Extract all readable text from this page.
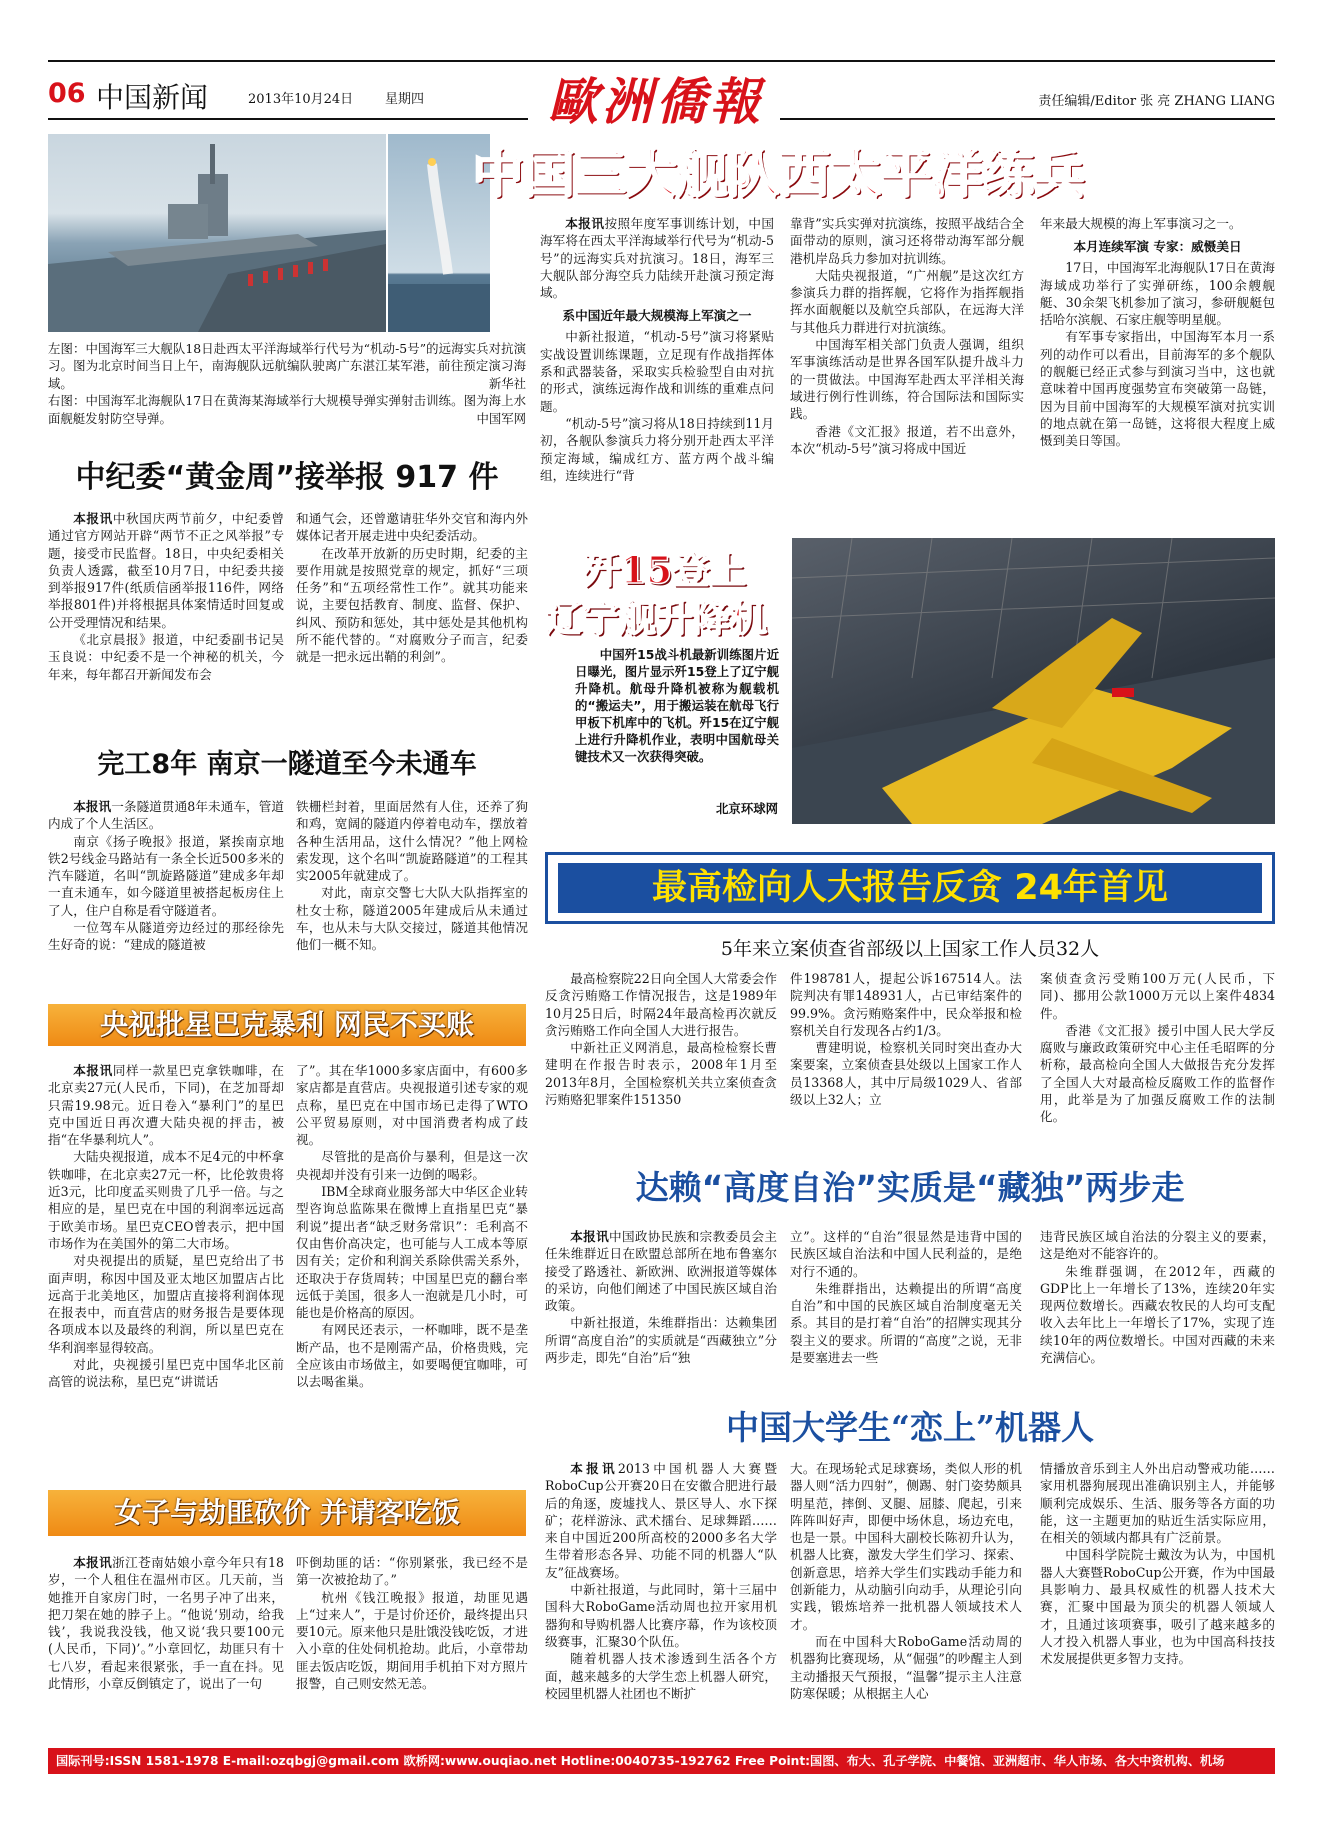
06 中国新闻	2013年10月24日 星期四 歐洲僑報	责任编辑/Editor 张 亮 ZHANG LIANG
中国三大舰队西太平洋练兵
左图：中国海军三大舰队18日赴西太平洋海域举行代号为“机动-5号”的远海实兵对抗演习。图为北京时间当日上午，南海舰队远航编队驶离广东湛江某军港，前往预定演习海域。	新华社
右图：中国海军北海舰队17日在黄海某海域举行大规模导弹实弹射击训练。图为海上水面舰艇发射防空导弹。	中国军网

本报讯按照年度军事训练计划，中国海军将在西太平洋海域举行代号为“机动-5号”的远海实兵对抗演习。18日，海军三大舰队部分海空兵力陆续开赴演习预定海域。

系中国近年最大规模海上军演之一

中新社报道，“机动-5号”演习将紧贴实战设置训练课题，立足现有作战指挥体系和武器装备，采取实兵检验型自由对抗的形式，演练远海作战和训练的重难点问题。

“机动-5号”演习将从18日持续到11月初，各舰队参演兵力将分别开赴西太平洋预定海域，编成红方、蓝方两个战斗编组，连续进行“背

靠背”实兵实弹对抗演练，按照平战结合全面带动的原则，演习还将带动海军部分舰港机岸岛兵力参加对抗训练。

大陆央视报道，“广州舰”是这次红方参演兵力群的指挥舰，它将作为指挥舰指挥水面舰艇以及航空兵部队，在远海大洋与其他兵力群进行对抗演练。

中国海军相关部门负责人强调，组织军事演练活动是世界各国军队提升战斗力的一贯做法。中国海军赴西太平洋相关海域进行例行性训练，符合国际法和国际实践。

香港《文汇报》报道，若不出意外，本次“机动-5号”演习将成中国近

年来最大规模的海上军事演习之一。

本月连续军演 专家：威慑美日

17日，中国海军北海舰队17日在黄海海域成功举行了实弹研练，100余艘舰艇、30余架飞机参加了演习，参研舰艇包括哈尔滨舰、石家庄舰等明星舰。

有军事专家指出，中国海军本月一系列的动作可以看出，目前海军的多个舰队的舰艇已经正式参与到演习当中，这也就意味着中国再度强势宣布突破第一岛链，因为目前中国海军的大规模军演对抗实训的地点就在第一岛链，这将很大程度上威慑到美日等国。

中纪委“黄金周”接举报 917 件

本报讯中秋国庆两节前夕，中纪委曾通过官方网站开辟“两节不正之风举报”专题，接受市民监督。18日，中央纪委相关负责人透露，截至10月7日，中纪委共接到举报917件(纸质信函举报116件，网络举报801件)并将根据具体案情适时回复或公开受理情况和结果。

《北京晨报》报道，中纪委副书记吴玉良说：中纪委不是一个神秘的机关，今年来，每年都召开新闻发布会

和通气会，还曾邀请驻华外交官和海内外媒体记者开展走进中央纪委活动。

在改革开放新的历史时期，纪委的主要作用就是按照党章的规定，抓好“三项任务”和“五项经常性工作”。就其功能来说，主要包括教育、制度、监督、保护、纠风、预防和惩处，其中惩处是其他机构所不能代替的。“对腐败分子而言，纪委就是一把永远出鞘的利剑”。

歼15登上
辽宁舰升降机
中国歼15战斗机最新训练图片近日曝光，图片显示歼15登上了辽宁舰升降机。航母升降机被称为舰载机的“搬运夫”，用于搬运装在航母飞行甲板下机库中的飞机。歼15在辽宁舰上进行升降机作业，表明中国航母关键技术又一次获得突破。
北京环球网
完工8年 南京一隧道至今未通车

本报讯一条隧道贯通8年未通车，管道内成了个人生活区。

南京《扬子晚报》报道，紧挨南京地铁2号线金马路站有一条全长近500多米的汽车隧道，名叫“凯旋路隧道”建成多年却一直未通车，如今隧道里被搭起板房住上了人，住户自称是看守隧道者。

一位驾车从隧道旁边经过的那经徐先生好奇的说：“建成的隧道被

铁栅栏封着，里面居然有人住，还养了狗和鸡，宽阔的隧道内停着电动车，摆放着各种生活用品，这什么情况？”他上网检索发现，这个名叫“凯旋路隧道”的工程其实2005年就建成了。

对此，南京交警七大队大队指挥室的杜女士称，隧道2005年建成后从未通过车，也从未与大队交接过，隧道其他情况他们一概不知。

最高检向人大报告反贪 24年首见
5年来立案侦查省部级以上国家工作人员32人

最高检察院22日向全国人大常委会作反贪污贿赂工作情况报告，这是1989年10月25日后，时隔24年最高检再次就反贪污贿赂工作向全国人大进行报告。

中新社正义网消息，最高检检察长曹建明在作报告时表示，2008年1月至2013年8月，全国检察机关共立案侦查贪污贿赂犯罪案件151350

件198781人，提起公诉167514人。法院判决有罪148931人，占已审结案件的99.9%。贪污贿赂案件中，民众举报和检察机关自行发现各占约1/3。

曹建明说，检察机关同时突出查办大案要案，立案侦查县处级以上国家工作人员13368人，其中厅局级1029人、省部级以上32人；立

案侦查贪污受贿100万元(人民币，下同)、挪用公款1000万元以上案件4834件。

香港《文汇报》援引中国人民大学反腐败与廉政政策研究中心主任毛昭晖的分析称，最高检向全国人大做报告充分发挥了全国人大对最高检反腐败工作的监督作用，此举是为了加强反腐败工作的法制化。

央视批星巴克暴利 网民不买账

本报讯同样一款星巴克拿铁咖啡，在北京卖27元(人民币，下同)，在芝加哥却只需19.98元。近日卷入“暴利门”的星巴克中国近日再次遭大陆央视的抨击，被指“在华暴利坑人”。

大陆央视报道，成本不足4元的中杯拿铁咖啡，在北京卖27元一杯，比伦敦贵将近3元，比印度孟买则贵了几乎一倍。与之相应的是，星巴克在中国的利润率远远高于欧美市场。星巴克CEO曾表示，把中国市场作为在美国外的第二大市场。

对央视提出的质疑，星巴克给出了书面声明，称因中国及亚太地区加盟店占比远高于北美地区，加盟店直接将利润体现在报表中，而直营店的财务报告是要体现各项成本以及最终的利润，所以星巴克在华利润率显得较高。

对此，央视援引星巴克中国华北区前高管的说法称，星巴克“讲谎话

了”。其在华1000多家店面中，有600多家店都是直营店。央视报道引述专家的观点称，星巴克在中国市场已走得了WTO公平贸易原则，对中国消费者构成了歧视。

尽管批的是高价与暴利，但是这一次央视却并没有引来一边倒的喝彩。

IBM全球商业服务部大中华区企业转型咨询总监陈果在微博上直指星巴克“暴利说”提出者“缺乏财务常识”：毛利高不仅由售价高决定，也可能与人工成本等原因有关；定价和利润关系除供需关系外，还取决于存货周转；中国星巴克的翻台率远低于美国，很多人一泡就是几小时，可能也是价格高的原因。

有网民还表示，一杯咖啡，既不是垄断产品，也不是刚需产品，价格贵贱，完全应该由市场做主，如要喝便宜咖啡，可以去喝雀巢。

达赖“高度自治”实质是“藏独”两步走

本报讯中国政协民族和宗教委员会主任朱维群近日在欧盟总部所在地布鲁塞尔接受了路透社、新欧洲、欧洲报道等媒体的采访，向他们阐述了中国民族区域自治政策。

中新社报道，朱维群指出：达赖集团所谓“高度自治”的实质就是“西藏独立”分两步走，即先“自治”后“独

立”。这样的“自治”很显然是违背中国的民族区域自治法和中国人民利益的，是绝对行不通的。

朱维群指出，达赖提出的所谓“高度自治”和中国的民族区域自治制度毫无关系。其目的是打着“自治”的招牌实现其分裂主义的要求。所谓的“高度”之说，无非是要塞进去一些

违背民族区域自治法的分裂主义的要素，这是绝对不能容许的。

朱维群强调，在2012年，西藏的GDP比上一年增长了13%，连续20年实现两位数增长。西藏农牧民的人均可支配收入去年比上一年增长了17%，实现了连续10年的两位数增长。中国对西藏的未来充满信心。

中国大学生“恋上”机器人

本报讯2013中国机器人大赛暨RoboCup公开赛20日在安徽合肥进行最后的角逐，废墟找人、景区导人、水下探矿；花样游泳、武术擂台、足球舞蹈……来自中国近200所高校的2000多名大学生带着形态各异、功能不同的机器人“队友”征战赛场。

中新社报道，与此同时，第十三届中国科大RoboGame活动周也拉开家用机器狗和导购机器人比赛序幕，作为该校顶级赛事，汇聚30个队伍。

随着机器人技术渗透到生活各个方面，越来越多的大学生恋上机器人研究，校园里机器人社团也不断扩

大。在现场轮式足球赛场，类似人形的机器人则“活力四射”，侧踢、射门姿势颇具明星范，摔倒、叉腿、屈膝、爬起，引来阵阵叫好声，即便中场休息，场边充电，也是一景。中国科大副校长陈初升认为，机器人比赛，激发大学生们学习、探索、创新意思，培养大学生们实践动手能力和创新能力，从动脑引向动手，从理论引向实践，锻炼培养一批机器人领域技术人才。

而在中国科大RoboGame活动周的机器狗比赛现场，从“倔强”的吵醒主人到主动播报天气预报，“温馨”提示主人注意防寒保暖；从根据主人心

情播放音乐到主人外出启动警戒功能……家用机器狗展现出准确识别主人，并能够顺利完成娱乐、生活、服务等各方面的功能，这一主题更加的贴近生活实际应用，在相关的领域内都具有广泛前景。

中国科学院院士戴汝为认为，中国机器人大赛暨RoboCup公开赛，作为中国最具影响力、最具权威性的机器人技术大赛，汇聚中国最为顶尖的机器人领域人才，且通过该项赛事，吸引了越来越多的人才投入机器人事业，也为中国高科技技术发展提供更多智力支持。

女子与劫匪砍价 并请客吃饭

本报讯浙江苍南姑娘小章今年只有18岁，一个人租住在温州市区。几天前，当她推开自家房门时，一名男子冲了出来，把刀架在她的脖子上。“他说‘别动，给我钱’，我说我没钱，他又说‘我只要100元(人民币，下同)’。”小章回忆，劫匪只有十七八岁，看起来很紧张，手一直在抖。见此情形，小章反倒镇定了，说出了一句

吓倒劫匪的话：“你别紧张，我已经不是第一次被抢劫了。”

杭州《钱江晚报》报道，劫匪见遇上“过来人”，于是讨价还价，最终提出只要10元。原来他只是肚饿没钱吃饭，才进入小章的住处伺机抢劫。此后，小章带劫匪去饭店吃饭，期间用手机拍下对方照片报警，自己则安然无恙。

国际刊号:ISSN 1581-1978 E-mail:ozqbgj@gmail.com 欧桥网:www.ouqiao.net Hotline:0040735-192762 Free Point:国图、布大、孔子学院、中餐馆、亚洲超市、华人市场、各大中资机构、机场
